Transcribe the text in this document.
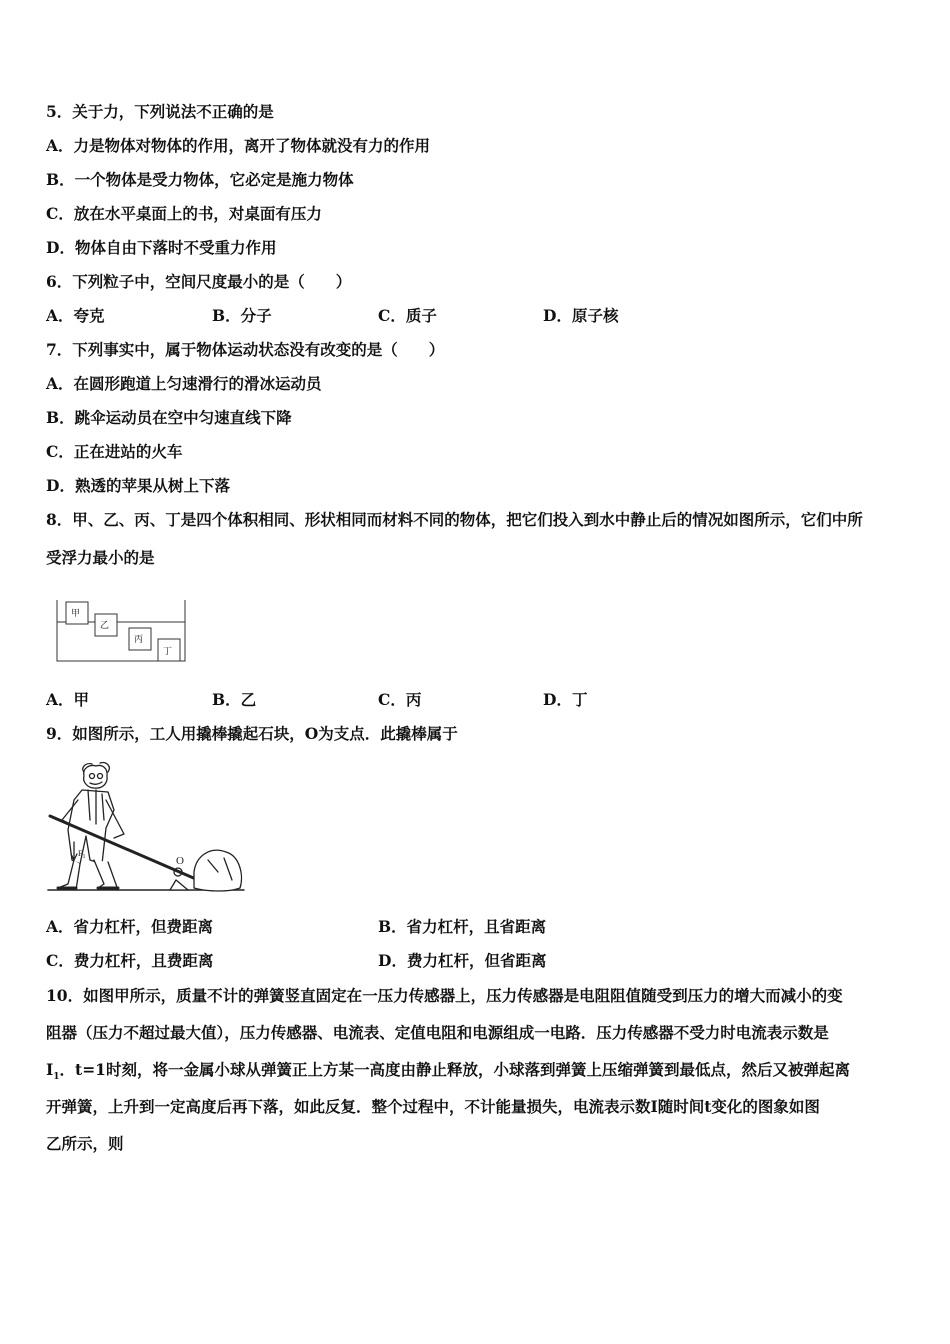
5．关于力，下列说法不正确的是
A．力是物体对物体的作用，离开了物体就没有力的作用
B．一个物体是受力物体，它必定是施力物体
C．放在水平桌面上的书，对桌面有压力
D．物体自由下落时不受重力作用
6．下列粒子中，空间尺度最小的是（　　）
A．夸克	B．分子	C．质子	D．原子核
7．下列事实中，属于物体运动状态没有改变的是（　　）
A．在圆形跑道上匀速滑行的滑冰运动员
B．跳伞运动员在空中匀速直线下降
C．正在进站的火车
D．熟透的苹果从树上下落
8．甲、乙、丙、丁是四个体积相同、形状相同而材料不同的物体，把它们投入到水中静止后的情况如图所示，它们中所
受浮力最小的是
甲
乙
丙
丁
A．甲	B．乙	C．丙	D．丁
9．如图所示，工人用撬棒撬起石块，O为支点．此撬棒属于
O
$F_1$
A．省力杠杆，但费距离	B．省力杠杆，且省距离
C．费力杠杆，且费距离	D．费力杠杆，但省距离
10．如图甲所示，质量不计的弹簧竖直固定在一压力传感器上，压力传感器是电阻阻值随受到压力的增大而减小的变
阻器（压力不超过最大值），压力传感器、电流表、定值电阻和电源组成一电路．压力传感器不受力时电流表示数是
$I_1$．t=1时刻，将一金属小球从弹簧正上方某一高度由静止释放，小球落到弹簧上压缩弹簧到最低点，然后又被弹起离
开弹簧，上升到一定高度后再下落，如此反复．整个过程中，不计能量损失，电流表示数I随时间t变化的图象如图
乙所示，则
